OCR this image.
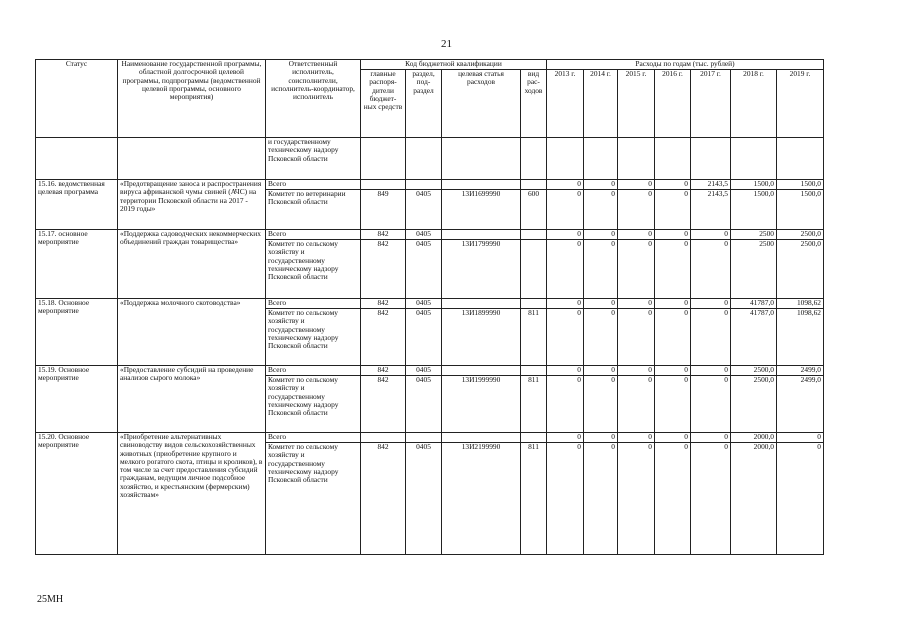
21
Статус	Наименование государственной программы, областной долгосрочной целевой программы, подпрограммы (ведомственной целевой программы, основного мероприятия)	Ответственный исполнитель, соисполнители, исполнитель-координатор, исполнитель	Код бюджетной квалификации				Расходы по годам (тыс. рублей)						
			главные распоря- дители бюджет- ных средств	раздел, под- раздел	целевая статья расходов	вид рас- ходов	2013 г.	2014 г.	2015 г.	2016 г.	2017 г.	2018 г.	2019 г.
		и государственному техническому надзору Псковской области											
15.16. ведомственная целевая программа	«Предотвращение заноса и распространения вируса африканской чумы свиней (АЧС) на территории Псковской области на 2017 - 2019 годы»	Всего					0	0	0	0	2143,5	1500,0	1500,0
		Комитет по ветеринарии Псковской области	849	0405	13И1699990	600	0	0	0	0	2143,5	1500,0	1500,0
15.17. основное мероприятие	«Поддержка садоводческих некоммерческих объединений граждан товарищества»	Всего	842	0405			0	0	0	0	0	2500	2500,0
		Комитет по сельскому хозяйству и государственному техническому надзору Псковской области	842	0405	13И1799990		0	0	0	0	0	2500	2500,0
15.18. Основное мероприятие	«Поддержка молочного скотоводства»	Всего	842	0405			0	0	0	0	0	41787,0	1098,62
		Комитет по сельскому хозяйству и государственному техническому надзору Псковской области	842	0405	13И1899990	811	0	0	0	0	0	41787,0	1098,62
15.19. Основное мероприятие	«Предоставление субсидий на проведение анализов сырого молока»	Всего	842	0405			0	0	0	0	0	2500,0	2499,0
		Комитет по сельскому хозяйству и государственному техническому надзору Псковской области	842	0405	13И1999990	811	0	0	0	0	0	2500,0	2499,0
15.20. Основное мероприятие	«Приобретение альтернативных свиноводству видов сельскохозяйственных животных (приобретение крупного и мелкого рогатого скота, птицы и кроликов), в том числе за счет предоставления субсидий гражданам, ведущим личное подсобное хозяйство, и крестьянским (фермерским) хозяйствам»	Всего					0	0	0	0	0	2000,0	0
		Комитет по сельскому хозяйству и государственному техническому надзору Псковской области	842	0405	13И2199990	811	0	0	0	0	0	2000,0	0
25МН
